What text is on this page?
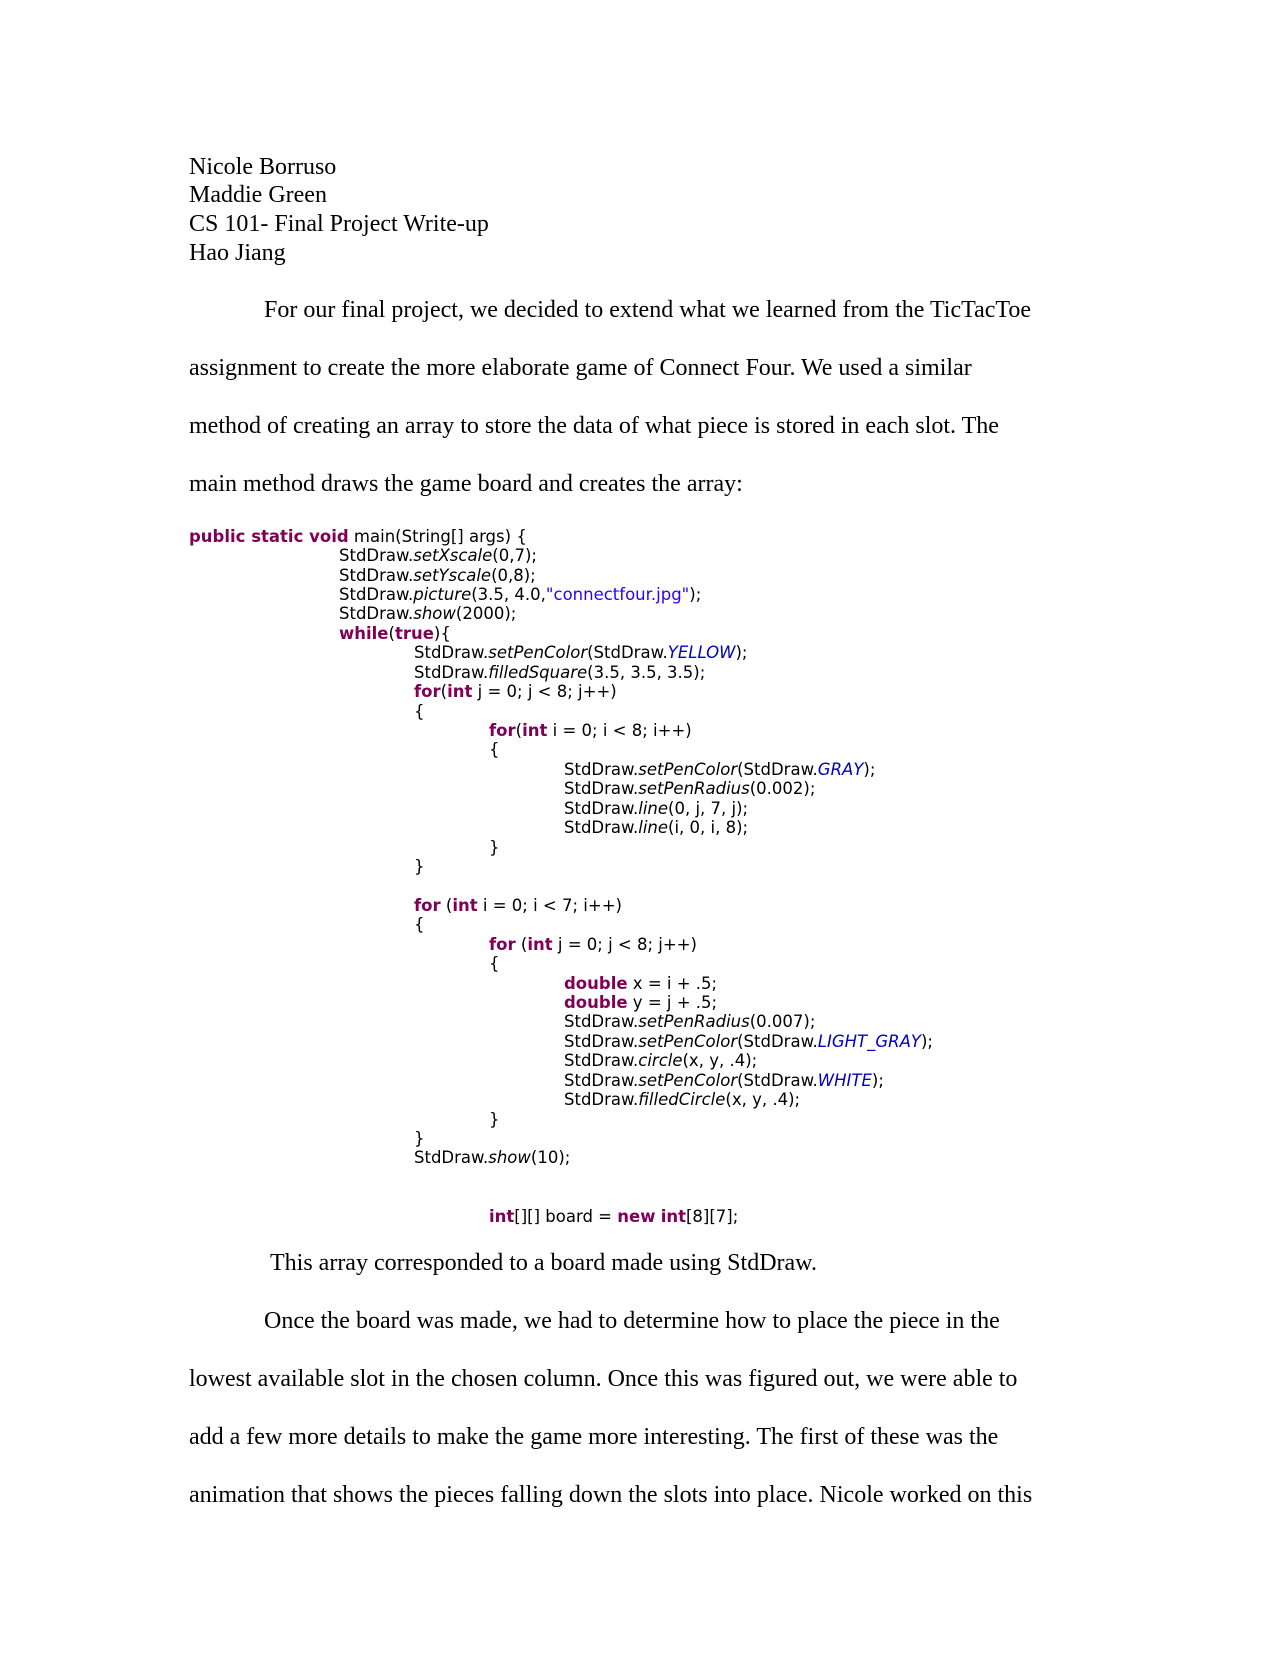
Nicole Borruso
Maddie Green
CS 101- Final Project Write-up
Hao Jiang
For our final project, we decided to extend what we learned from the TicTacToe
assignment to create the more elaborate game of Connect Four. We used a similar
method of creating an array to store the data of what piece is stored in each slot. The
main method draws the game board and creates the array:
public static void main(String[] args) {
StdDraw.setXscale(0,7);
StdDraw.setYscale(0,8);
StdDraw.picture(3.5, 4.0,"connectfour.jpg");
StdDraw.show(2000);
while(true){
StdDraw.setPenColor(StdDraw.YELLOW);
StdDraw.filledSquare(3.5, 3.5, 3.5);
for(int j = 0; j < 8; j++)
{
for(int i = 0; i < 8; i++)
{
StdDraw.setPenColor(StdDraw.GRAY);
StdDraw.setPenRadius(0.002);
StdDraw.line(0, j, 7, j);
StdDraw.line(i, 0, i, 8);
}
}
for (int i = 0; i < 7; i++)
{
for (int j = 0; j < 8; j++)
{
double x = i + .5;
double y = j + .5;
StdDraw.setPenRadius(0.007);
StdDraw.setPenColor(StdDraw.LIGHT_GRAY);
StdDraw.circle(x, y, .4);
StdDraw.setPenColor(StdDraw.WHITE);
StdDraw.filledCircle(x, y, .4);
}
}
StdDraw.show(10);
int[][] board = new int[8][7];
This array corresponded to a board made using StdDraw.
Once the board was made, we had to determine how to place the piece in the
lowest available slot in the chosen column. Once this was figured out, we were able to
add a few more details to make the game more interesting. The first of these was the
animation that shows the pieces falling down the slots into place. Nicole worked on this
